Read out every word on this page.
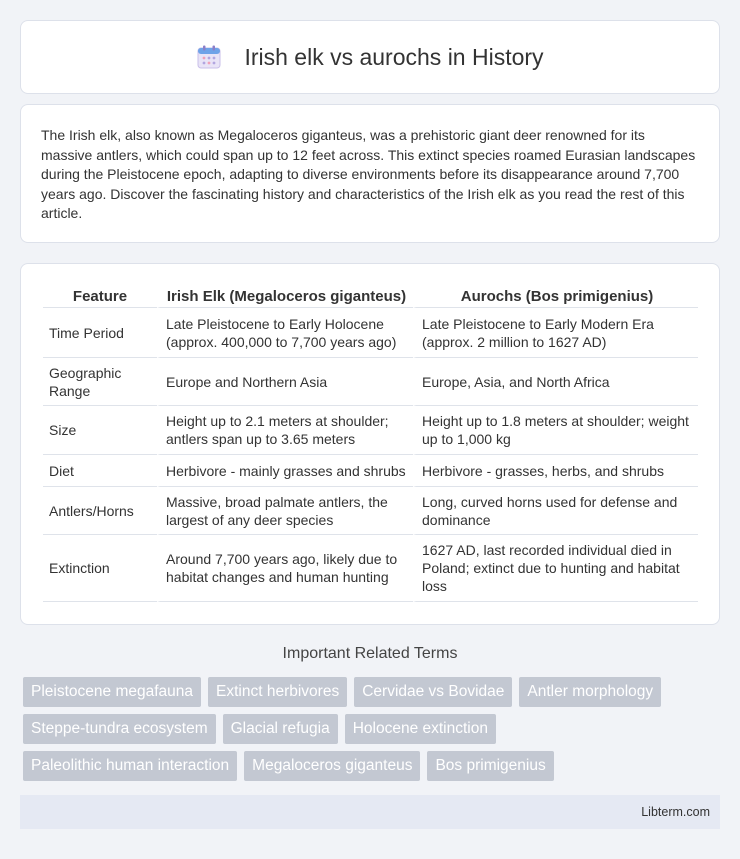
Irish elk vs aurochs in History

The Irish elk, also known as Megaloceros giganteus, was a prehistoric giant deer renowned for its massive antlers, which could span up to 12 feet across. This extinct species roamed Eurasian landscapes during the Pleistocene epoch, adapting to diverse environments before its disappearance around 7,700 years ago. Discover the fascinating history and characteristics of the Irish elk as you read the rest of this article.

Feature	Irish Elk (Megaloceros giganteus)	Aurochs (Bos primigenius)
Time Period	Late Pleistocene to Early Holocene (approx. 400,000 to 7,700 years ago)	Late Pleistocene to Early Modern Era (approx. 2 million to 1627 AD)
Geographic Range	Europe and Northern Asia	Europe, Asia, and North Africa
Size	Height up to 2.1 meters at shoulder; antlers span up to 3.65 meters	Height up to 1.8 meters at shoulder; weight up to 1,000 kg
Diet	Herbivore - mainly grasses and shrubs	Herbivore - grasses, herbs, and shrubs
Antlers/Horns	Massive, broad palmate antlers, the largest of any deer species	Long, curved horns used for defense and dominance
Extinction	Around 7,700 years ago, likely due to habitat changes and human hunting	1627 AD, last recorded individual died in Poland; extinct due to hunting and habitat loss
Important Related Terms
Pleistocene megafauna	Extinct herbivores	Cervidae vs Bovidae	Antler morphology
Steppe-tundra ecosystem	Glacial refugia	Holocene extinction
Paleolithic human interaction	Megaloceros giganteus	Bos primigenius
Libterm.com
